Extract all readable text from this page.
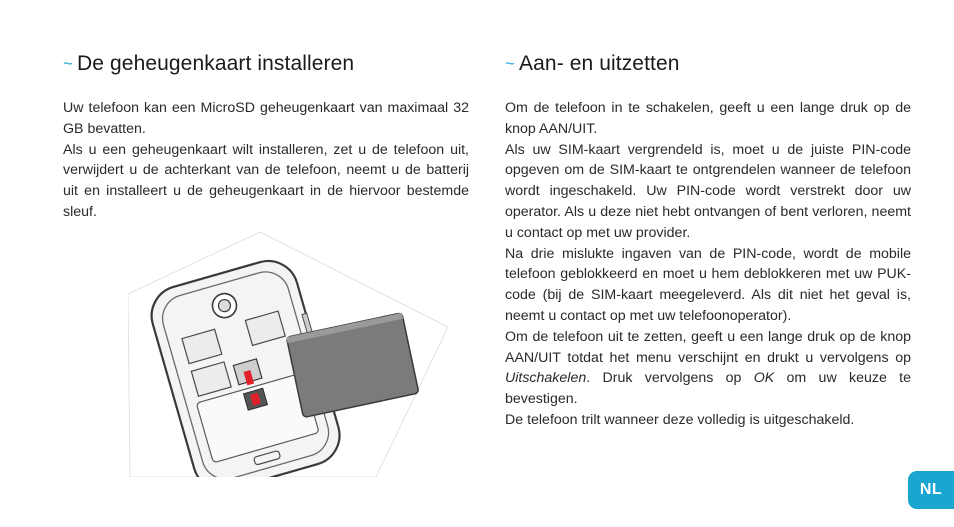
~ De geheugenkaart installeren

Uw telefoon kan een MicroSD geheugenkaart van maximaal 32 GB bevatten.

Als u een geheugenkaart wilt installeren, zet u de telefoon uit, verwijdert u de achterkant van de telefoon, neemt u de batterij uit en installeert u de geheugenkaart in de hiervoor bestemde sleuf.

~ Aan- en uitzetten

Om de telefoon in te schakelen, geeft u een lange druk op de knop AAN/UIT.

Als uw SIM-kaart vergrendeld is, moet u de juiste PIN-code opgeven om de SIM-kaart te ontgrendelen wanneer de telefoon wordt ingeschakeld. Uw PIN-code wordt verstrekt door uw operator. Als u deze niet hebt ontvangen of bent verloren, neemt u contact op met uw provider.

Na drie mislukte ingaven van de PIN-code, wordt de mobile telefoon geblokkeerd en moet u hem deblokkeren met uw PUK-code (bij de SIM-kaart meegeleverd. Als dit niet het geval is, neemt u contact op met uw telefoonoperator).

Om de telefoon uit te zetten, geeft u een lange druk op de knop AAN/UIT totdat het menu verschijnt en drukt u vervolgens op Uitschakelen. Druk vervolgens op OK om uw keuze te bevestigen.

De telefoon trilt wanneer deze volledig is uitgeschakeld.

NL
